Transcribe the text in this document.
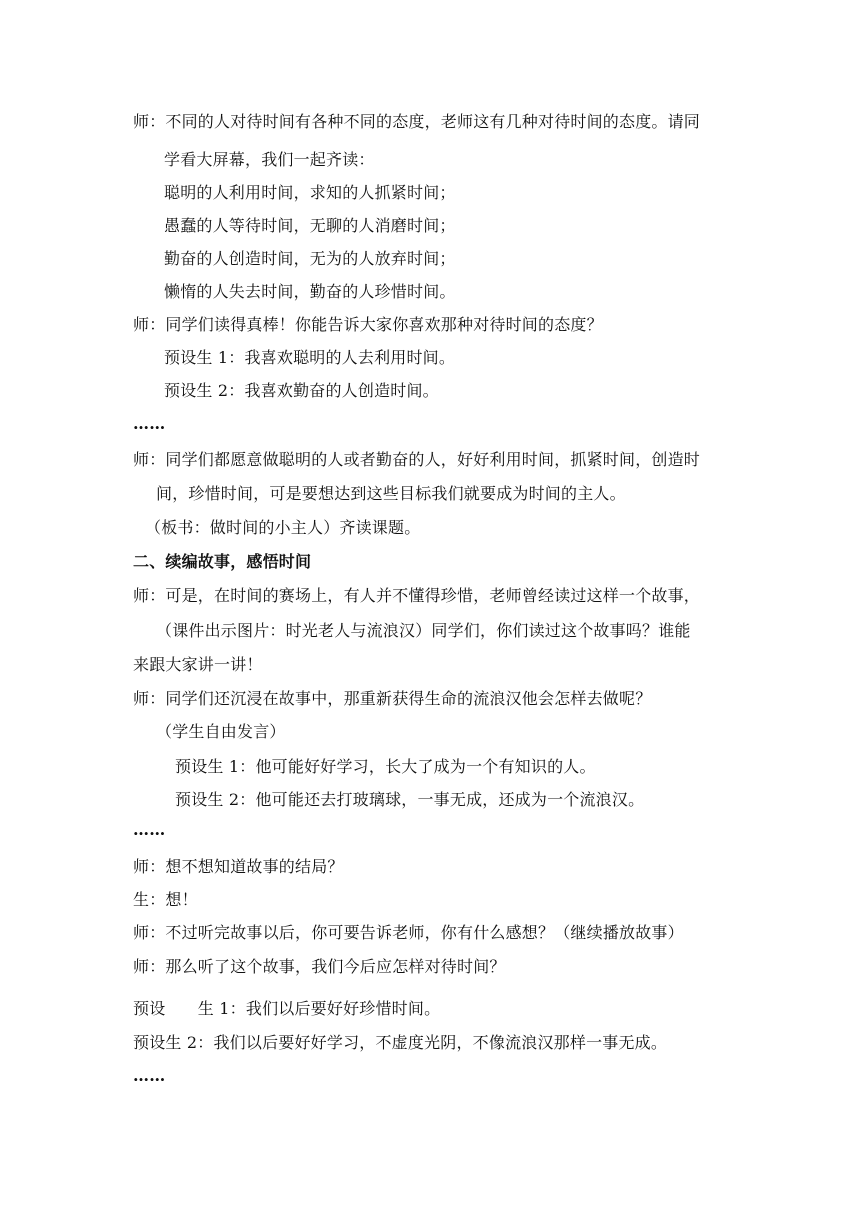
师：不同的人对待时间有各种不同的态度，老师这有几种对待时间的态度。请同
学看大屏幕，我们一起齐读：
聪明的人利用时间，求知的人抓紧时间；
愚蠢的人等待时间，无聊的人消磨时间；
勤奋的人创造时间，无为的人放弃时间；
懒惰的人失去时间，勤奋的人珍惜时间。
师：同学们读得真棒！你能告诉大家你喜欢那种对待时间的态度？
预设生 1：我喜欢聪明的人去利用时间。
预设生 2：我喜欢勤奋的人创造时间。
……
师：同学们都愿意做聪明的人或者勤奋的人，好好利用时间，抓紧时间，创造时
间，珍惜时间，可是要想达到这些目标我们就要成为时间的主人。
（板书：做时间的小主人）齐读课题。
二、续编故事，感悟时间
师：可是，在时间的赛场上，有人并不懂得珍惜，老师曾经读过这样一个故事，
（课件出示图片：时光老人与流浪汉）同学们，你们读过这个故事吗？谁能
来跟大家讲一讲！
师：同学们还沉浸在故事中，那重新获得生命的流浪汉他会怎样去做呢？
（学生自由发言）
预设生 1：他可能好好学习，长大了成为一个有知识的人。
预设生 2：他可能还去打玻璃球，一事无成，还成为一个流浪汉。
……
师：想不想知道故事的结局？
生：想！
师：不过听完故事以后，你可要告诉老师，你有什么感想？（继续播放故事）
师：那么听了这个故事，我们今后应怎样对待时间？
预设　　生 1：我们以后要好好珍惜时间。
预设生 2：我们以后要好好学习，不虚度光阴，不像流浪汉那样一事无成。
……
